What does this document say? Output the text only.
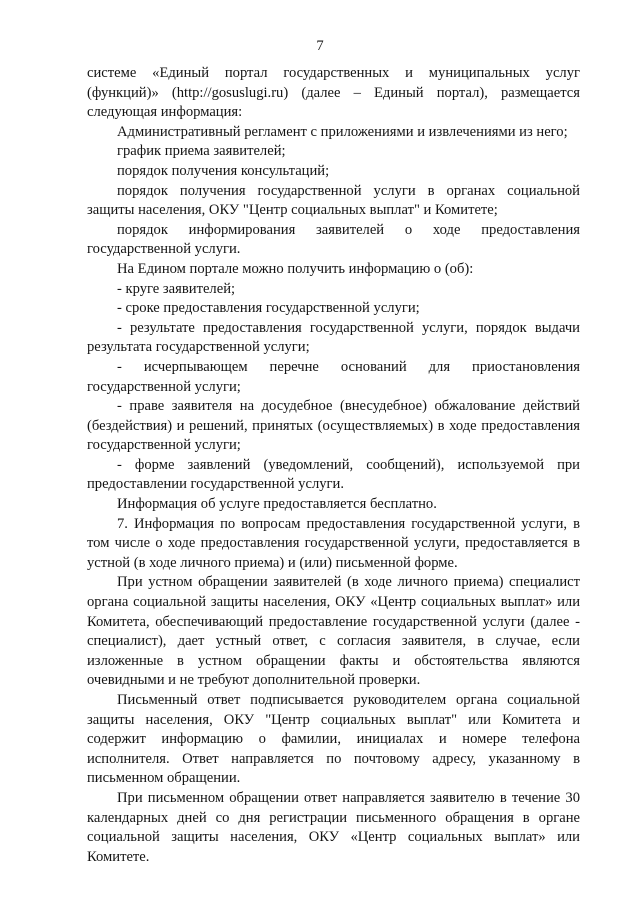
7

системе «Единый портал государственных и муниципальных услуг (функций)» (http://gosuslugi.ru) (далее – Единый портал), размещается следующая информация:

Административный регламент с приложениями и извлечениями из него;

график приема заявителей;

порядок получения консультаций;

порядок получения государственной услуги в органах социальной защиты населения, ОКУ "Центр социальных выплат" и Комитете;

порядок информирования заявителей о ходе предоставления государственной услуги.

На Едином портале можно получить информацию о (об):

- круге заявителей;

- сроке предоставления государственной услуги;

- результате предоставления государственной услуги, порядок выдачи результата государственной услуги;

- исчерпывающем перечне оснований для приостановления государственной услуги;

- праве заявителя на досудебное (внесудебное) обжалование действий (бездействия) и решений, принятых (осуществляемых) в ходе предоставления государственной услуги;

- форме заявлений (уведомлений, сообщений), используемой при предоставлении государственной услуги.

Информация об услуге предоставляется бесплатно.

7. Информация по вопросам предоставления государственной услуги, в том числе о ходе предоставления государственной услуги, предоставляется в устной (в ходе личного приема) и (или) письменной форме.

При устном обращении заявителей (в ходе личного приема) специалист органа социальной защиты населения, ОКУ «Центр социальных выплат» или Комитета, обеспечивающий предоставление государственной услуги (далее - специалист), дает устный ответ, с согласия заявителя, в случае, если изложенные в устном обращении факты и обстоятельства являются очевидными и не требуют дополнительной проверки.

Письменный ответ подписывается руководителем органа социальной защиты населения, ОКУ "Центр социальных выплат" или Комитета и содержит информацию о фамилии, инициалах и номере телефона исполнителя. Ответ направляется по почтовому адресу, указанному в письменном обращении.

При письменном обращении ответ направляется заявителю в течение 30 календарных дней со дня регистрации письменного обращения в органе социальной защиты населения, ОКУ «Центр социальных выплат» или Комитете.
